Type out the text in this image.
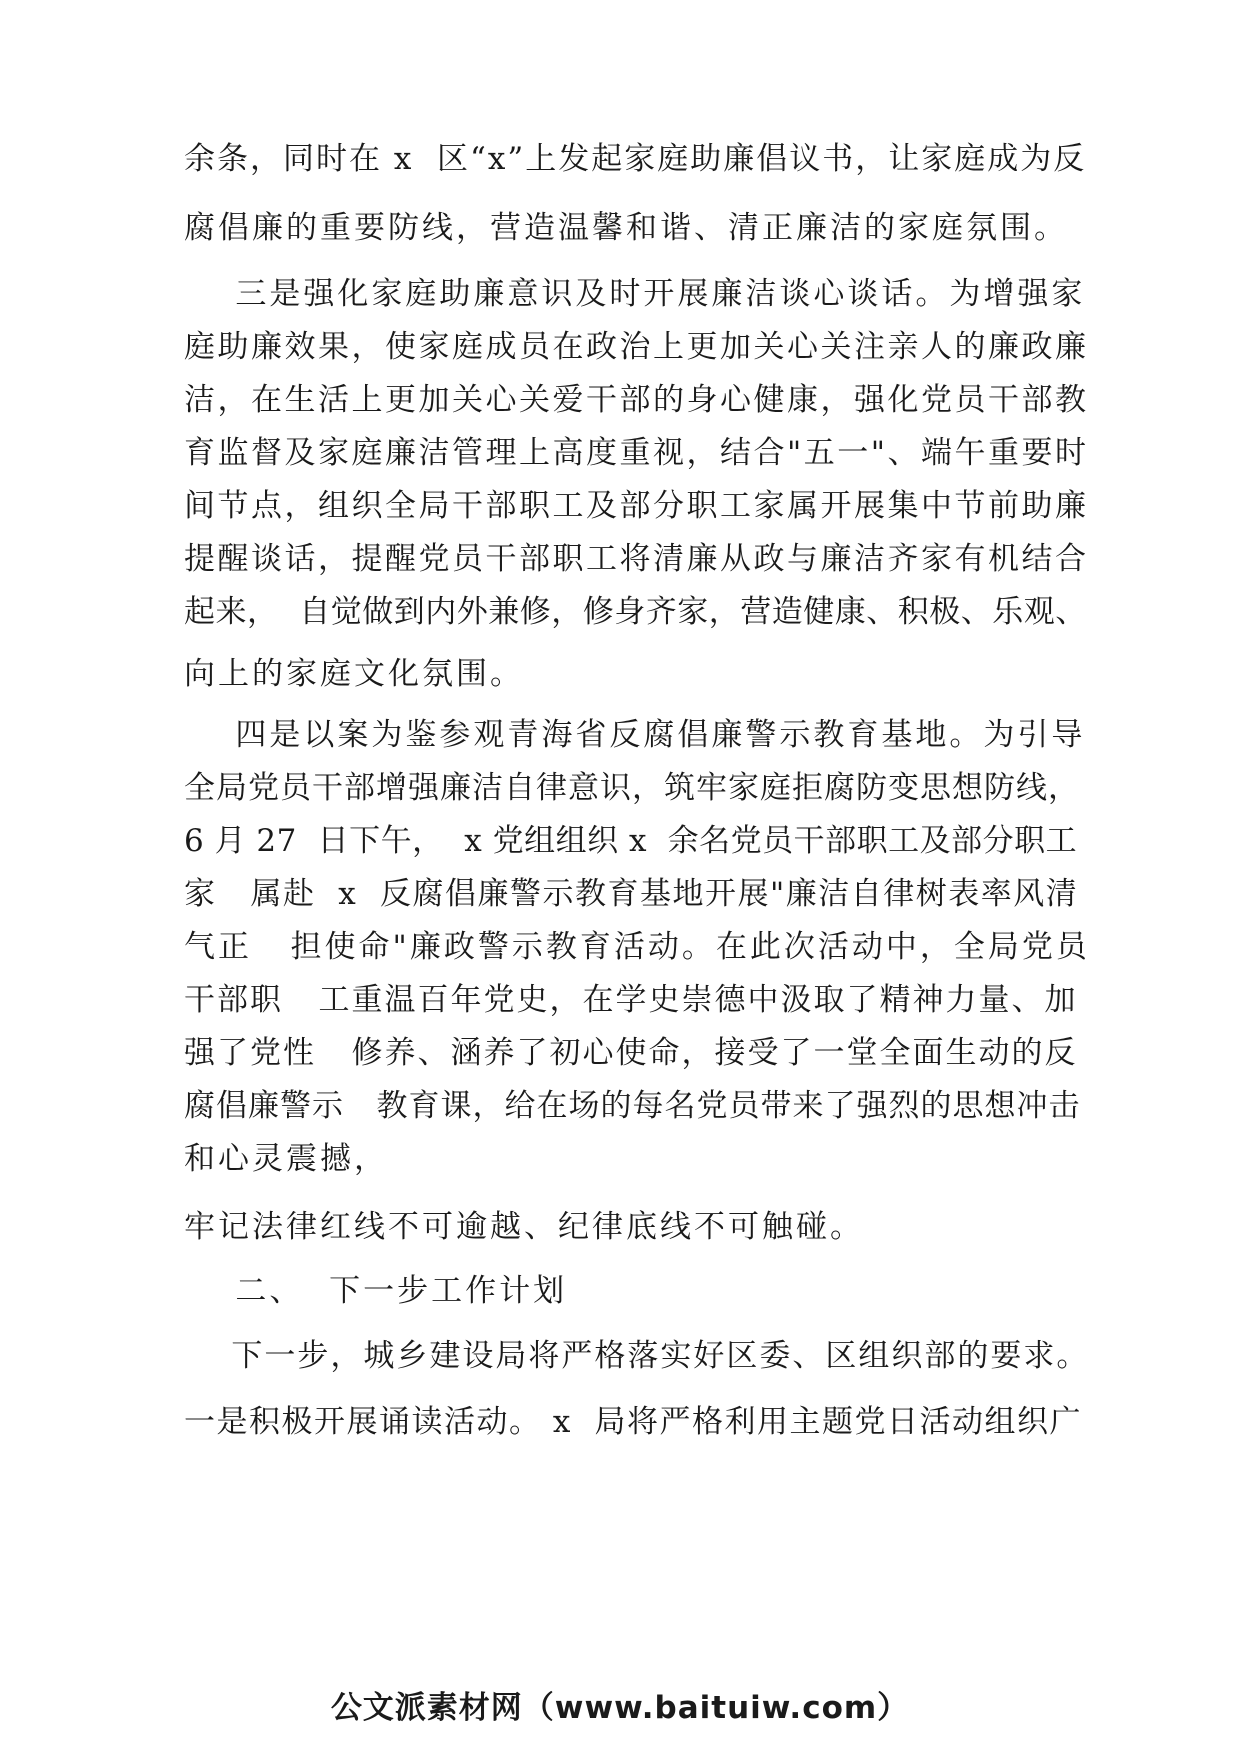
余条，同时在 x  区“x”上发起家庭助廉倡议书，让家庭成为反
腐倡廉的重要防线，营造温馨和谐、清正廉洁的家庭氛围。
三是强化家庭助廉意识及时开展廉洁谈心谈话。为增强家
庭助廉效果，使家庭成员在政治上更加关心关注亲人的廉政廉
洁，在生活上更加关心关爱干部的身心健康，强化党员干部教
育监督及家庭廉洁管理上高度重视，结合"五一"、端午重要时
间节点，组织全局干部职工及部分职工家属开展集中节前助廉
提醒谈话，提醒党员干部职工将清廉从政与廉洁齐家有机结合
起来，  自觉做到内外兼修，修身齐家，营造健康、积极、乐观、
向上的家庭文化氛围。
四是以案为鉴参观青海省反腐倡廉警示教育基地。为引导
全局党员干部增强廉洁自律意识，筑牢家庭拒腐防变思想防线，
6 月 27  日下午，  x 党组组织 x  余名党员干部职工及部分职工
家   属赴  x  反腐倡廉警示教育基地开展"廉洁自律树表率风清
气正   担使命"廉政警示教育活动。在此次活动中，全局党员
干部职   工重温百年党史，在学史崇德中汲取了精神力量、加
强了党性   修养、涵养了初心使命，接受了一堂全面生动的反
腐倡廉警示   教育课，给在场的每名党员带来了强烈的思想冲击
和心灵震撼，
牢记法律红线不可逾越、纪律底线不可触碰。
二、  下一步工作计划
下一步，城乡建设局将严格落实好区委、区组织部的要求。
一是积极开展诵读活动。 x  局将严格利用主题党日活动组织广
公文派素材网（www.baituiw.com）
